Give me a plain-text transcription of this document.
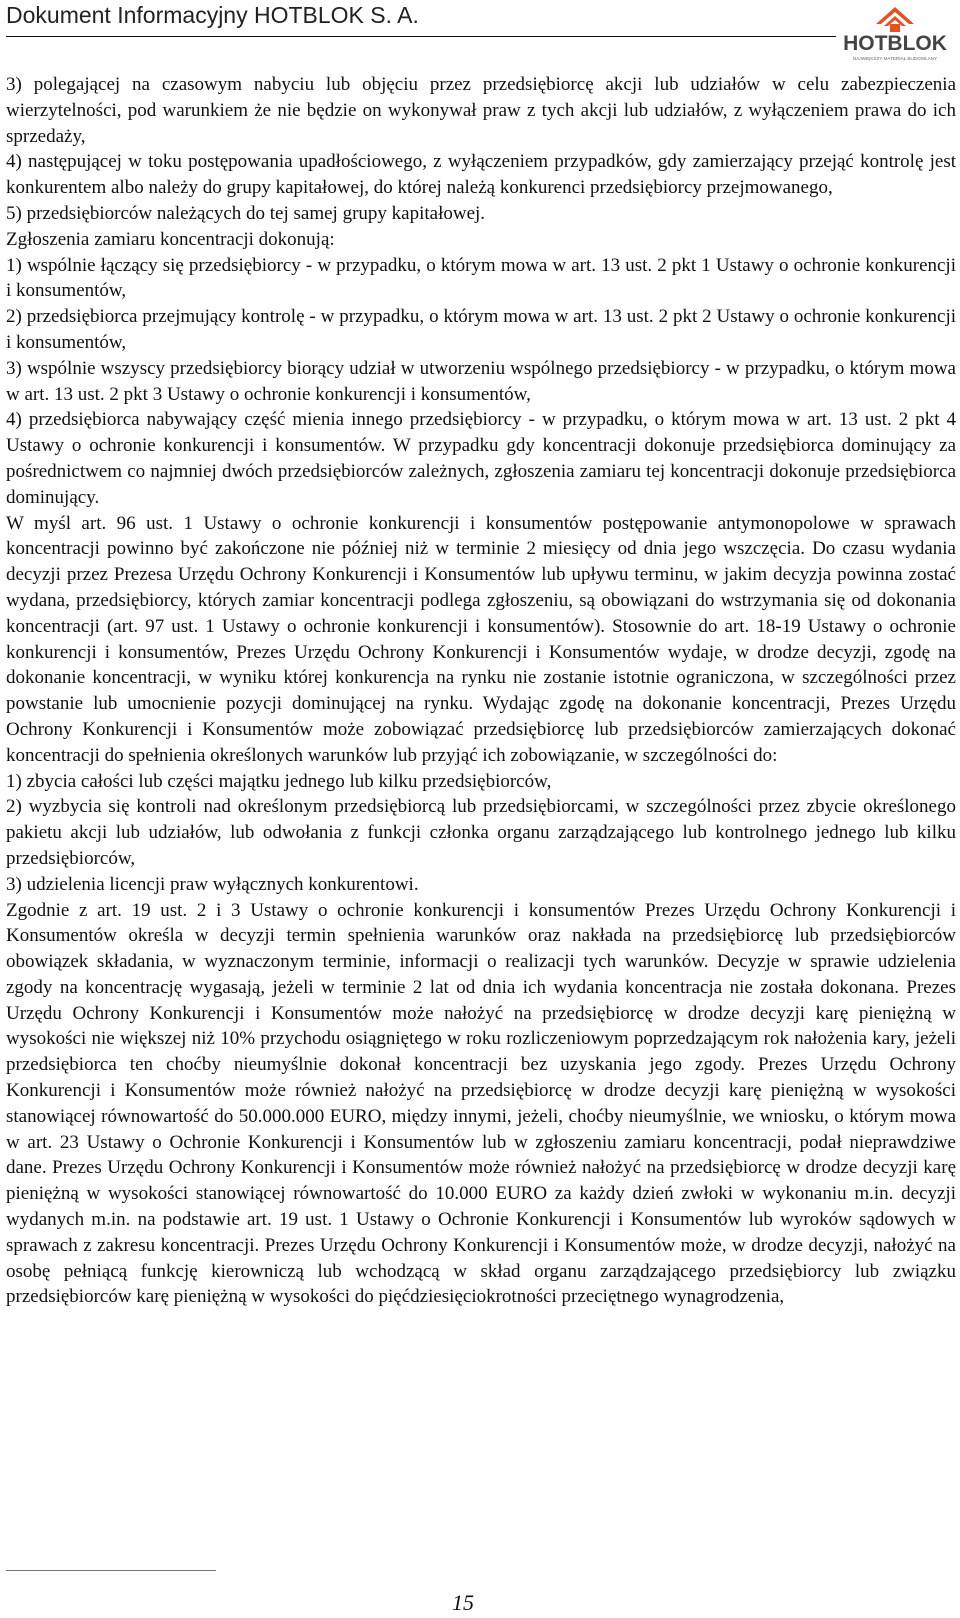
Dokument Informacyjny HOTBLOK S. A.
HOTBLOK
NAJWIĘKSZY MATERIAŁ BUDOWLANY

3) polegającej na czasowym nabyciu lub objęciu przez przedsiębiorcę akcji lub udziałów w celu zabezpieczenia wierzytelności, pod warunkiem że nie będzie on wykonywał praw z tych akcji lub udziałów, z wyłączeniem prawa do ich sprzedaży,

4) następującej w toku postępowania upadłościowego, z wyłączeniem przypadków, gdy zamierzający przejąć kontrolę jest konkurentem albo należy do grupy kapitałowej, do której należą konkurenci przedsiębiorcy przejmowanego,

5) przedsiębiorców należących do tej samej grupy kapitałowej.

Zgłoszenia zamiaru koncentracji dokonują:

1) wspólnie łączący się przedsiębiorcy - w przypadku, o którym mowa w art. 13 ust. 2 pkt 1 Ustawy o ochronie konkurencji i konsumentów,

2) przedsiębiorca przejmujący kontrolę - w przypadku, o którym mowa w art. 13 ust. 2 pkt 2 Ustawy o ochronie konkurencji i konsumentów,

3) wspólnie wszyscy przedsiębiorcy biorący udział w utworzeniu wspólnego przedsiębiorcy - w przypadku, o którym mowa w art. 13 ust. 2 pkt 3 Ustawy o ochronie konkurencji i konsumentów,

4) przedsiębiorca nabywający część mienia innego przedsiębiorcy - w przypadku, o którym mowa w art. 13 ust. 2 pkt 4 Ustawy o ochronie konkurencji i konsumentów. W przypadku gdy koncentracji dokonuje przedsiębiorca dominujący za pośrednictwem co najmniej dwóch przedsiębiorców zależnych, zgłoszenia zamiaru tej koncentracji dokonuje przedsiębiorca dominujący.

W myśl art. 96 ust. 1 Ustawy o ochronie konkurencji i konsumentów postępowanie antymonopolowe w sprawach koncentracji powinno być zakończone nie później niż w terminie 2 miesięcy od dnia jego wszczęcia. Do czasu wydania decyzji przez Prezesa Urzędu Ochrony Konkurencji i Konsumentów lub upływu terminu, w jakim decyzja powinna zostać wydana, przedsiębiorcy, których zamiar koncentracji podlega zgłoszeniu, są obowiązani do wstrzymania się od dokonania koncentracji (art. 97 ust. 1 Ustawy o ochronie konkurencji i konsumentów). Stosownie do art. 18-19 Ustawy o ochronie konkurencji i konsumentów, Prezes Urzędu Ochrony Konkurencji i Konsumentów wydaje, w drodze decyzji, zgodę na dokonanie koncentracji, w wyniku której konkurencja na rynku nie zostanie istotnie ograniczona, w szczególności przez powstanie lub umocnienie pozycji dominującej na rynku. Wydając zgodę na dokonanie koncentracji, Prezes Urzędu Ochrony Konkurencji i Konsumentów może zobowiązać przedsiębiorcę lub przedsiębiorców zamierzających dokonać koncentracji do spełnienia określonych warunków lub przyjąć ich zobowiązanie, w szczególności do:

1) zbycia całości lub części majątku jednego lub kilku przedsiębiorców,

2) wyzbycia się kontroli nad określonym przedsiębiorcą lub przedsiębiorcami, w szczególności przez zbycie określonego pakietu akcji lub udziałów, lub odwołania z funkcji członka organu zarządzającego lub kontrolnego jednego lub kilku przedsiębiorców,

3) udzielenia licencji praw wyłącznych konkurentowi.

Zgodnie z art. 19 ust. 2 i 3 Ustawy o ochronie konkurencji i konsumentów Prezes Urzędu Ochrony Konkurencji i Konsumentów określa w decyzji termin spełnienia warunków oraz nakłada na przedsiębiorcę lub przedsiębiorców obowiązek składania, w wyznaczonym terminie, informacji o realizacji tych warunków. Decyzje w sprawie udzielenia zgody na koncentrację wygasają, jeżeli w terminie 2 lat od dnia ich wydania koncentracja nie została dokonana. Prezes Urzędu Ochrony Konkurencji i Konsumentów może nałożyć na przedsiębiorcę w drodze decyzji karę pieniężną w wysokości nie większej niż 10% przychodu osiągniętego w roku rozliczeniowym poprzedzającym rok nałożenia kary, jeżeli przedsiębiorca ten choćby nieumyślnie dokonał koncentracji bez uzyskania jego zgody. Prezes Urzędu Ochrony Konkurencji i Konsumentów może również nałożyć na przedsiębiorcę w drodze decyzji karę pieniężną w wysokości stanowiącej równowartość do 50.000.000 EURO, między innymi, jeżeli, choćby nieumyślnie, we wniosku, o którym mowa w art. 23 Ustawy o Ochronie Konkurencji i Konsumentów lub w zgłoszeniu zamiaru koncentracji, podał nieprawdziwe dane. Prezes Urzędu Ochrony Konkurencji i Konsumentów może również nałożyć na przedsiębiorcę w drodze decyzji karę pieniężną w wysokości stanowiącej równowartość do 10.000 EURO za każdy dzień zwłoki w wykonaniu m.in. decyzji wydanych m.in. na podstawie art. 19 ust. 1 Ustawy o Ochronie Konkurencji i Konsumentów lub wyroków sądowych w sprawach z zakresu koncentracji. Prezes Urzędu Ochrony Konkurencji i Konsumentów może, w drodze decyzji, nałożyć na osobę pełniącą funkcję kierowniczą lub wchodzącą w skład organu zarządzającego przedsiębiorcy lub związku przedsiębiorców karę pieniężną w wysokości do pięćdziesięciokrotności przeciętnego wynagrodzenia,

15
